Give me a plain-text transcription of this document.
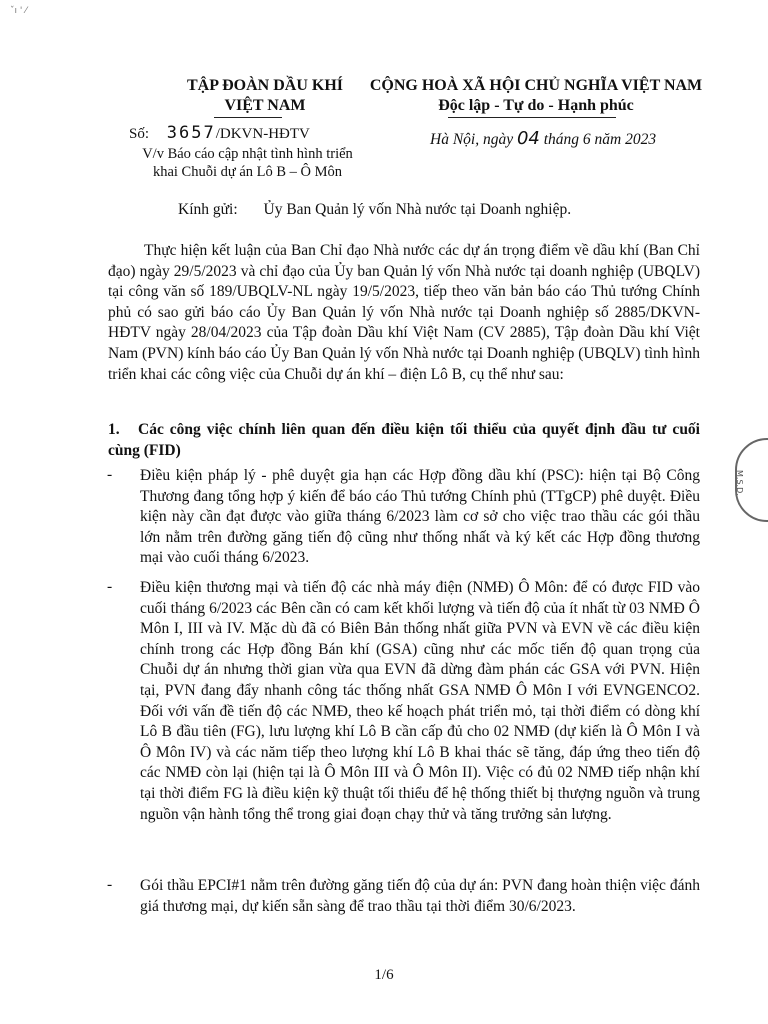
ˇı ' ⁄
TẬP ĐOÀN DẦU KHÍ
VIỆT NAM
CỘNG HOÀ XÃ HỘI CHỦ NGHĨA VIỆT NAM
Độc lập - Tự do - Hạnh phúc
Số: 3657/DKVN-HĐTV
V/v Báo cáo cập nhật tình hình triển
khai Chuỗi dự án Lô B – Ô Môn
Hà Nội, ngày 04 tháng 6 năm 2023
Kính gửi: Ủy Ban Quản lý vốn Nhà nước tại Doanh nghiệp.
Thực hiện kết luận của Ban Chỉ đạo Nhà nước các dự án trọng điểm về dầu khí (Ban Chỉ đạo) ngày 29/5/2023 và chỉ đạo của Ủy ban Quản lý vốn Nhà nước tại doanh nghiệp (UBQLV) tại công văn số 189/UBQLV-NL ngày 19/5/2023, tiếp theo văn bản báo cáo Thủ tướng Chính phủ có sao gửi báo cáo Ủy Ban Quản lý vốn Nhà nước tại Doanh nghiệp số 2885/DKVN-HĐTV ngày 28/04/2023 của Tập đoàn Dầu khí Việt Nam (CV 2885), Tập đoàn Dầu khí Việt Nam (PVN) kính báo cáo Ủy Ban Quản lý vốn Nhà nước tại Doanh nghiệp (UBQLV) tình hình triển khai các công việc của Chuỗi dự án khí – điện Lô B, cụ thể như sau:
1. Các công việc chính liên quan đến điều kiện tối thiểu của quyết định đầu tư cuối cùng (FID)
- Điều kiện pháp lý - phê duyệt gia hạn các Hợp đồng dầu khí (PSC): hiện tại Bộ Công Thương đang tổng hợp ý kiến để báo cáo Thủ tướng Chính phủ (TTgCP) phê duyệt. Điều kiện này cần đạt được vào giữa tháng 6/2023 làm cơ sở cho việc trao thầu các gói thầu lớn nằm trên đường găng tiến độ cũng như thống nhất và ký kết các Hợp đồng thương mại vào cuối tháng 6/2023.
- Điều kiện thương mại và tiến độ các nhà máy điện (NMĐ) Ô Môn: để có được FID vào cuối tháng 6/2023 các Bên cần có cam kết khối lượng và tiến độ của ít nhất từ 03 NMĐ Ô Môn I, III và IV. Mặc dù đã có Biên Bản thống nhất giữa PVN và EVN về các điều kiện chính trong các Hợp đồng Bán khí (GSA) cũng như các mốc tiến độ quan trọng của Chuỗi dự án nhưng thời gian vừa qua EVN đã dừng đàm phán các GSA với PVN. Hiện tại, PVN đang đẩy nhanh công tác thống nhất GSA NMĐ Ô Môn I với EVNGENCO2. Đối với vấn đề tiến độ các NMĐ, theo kế hoạch phát triển mỏ, tại thời điểm có dòng khí Lô B đầu tiên (FG), lưu lượng khí Lô B cần cấp đủ cho 02 NMĐ (dự kiến là Ô Môn I và Ô Môn IV) và các năm tiếp theo lượng khí Lô B khai thác sẽ tăng, đáp ứng theo tiến độ các NMĐ còn lại (hiện tại là Ô Môn III và Ô Môn II). Việc có đủ 02 NMĐ tiếp nhận khí tại thời điểm FG là điều kiện kỹ thuật tối thiểu để hệ thống thiết bị thượng nguồn và trung nguồn vận hành tổng thể trong giai đoạn chạy thử và tăng trưởng sản lượng.
- Gói thầu EPCI#1 nằm trên đường găng tiến độ của dự án: PVN đang hoàn thiện việc đánh giá thương mại, dự kiến sẵn sàng để trao thầu tại thời điểm 30/6/2023.
1/6
M.S.D.
